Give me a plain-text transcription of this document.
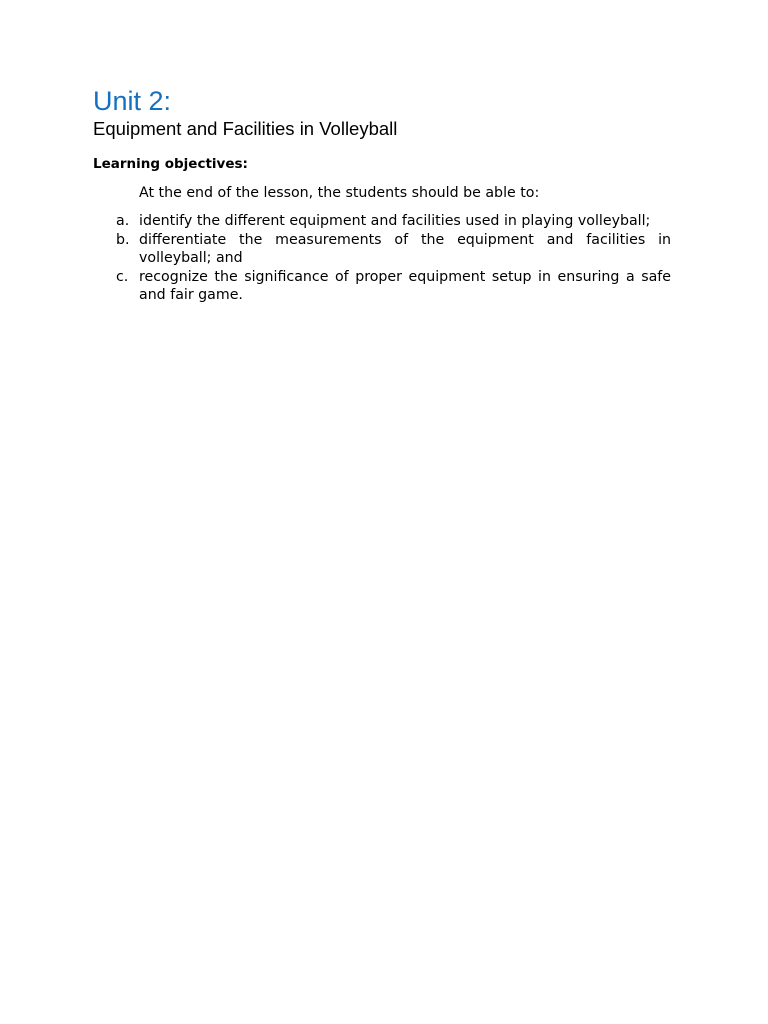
Unit 2:
Equipment and Facilities in Volleyball
Learning objectives:

At the end of the lesson, the students should be able to:

a. identify the different equipment and facilities used in playing volleyball;
b. differentiate the measurements of the equipment and facilities in volleyball; and
c. recognize the significance of proper equipment setup in ensuring a safe and fair game.
